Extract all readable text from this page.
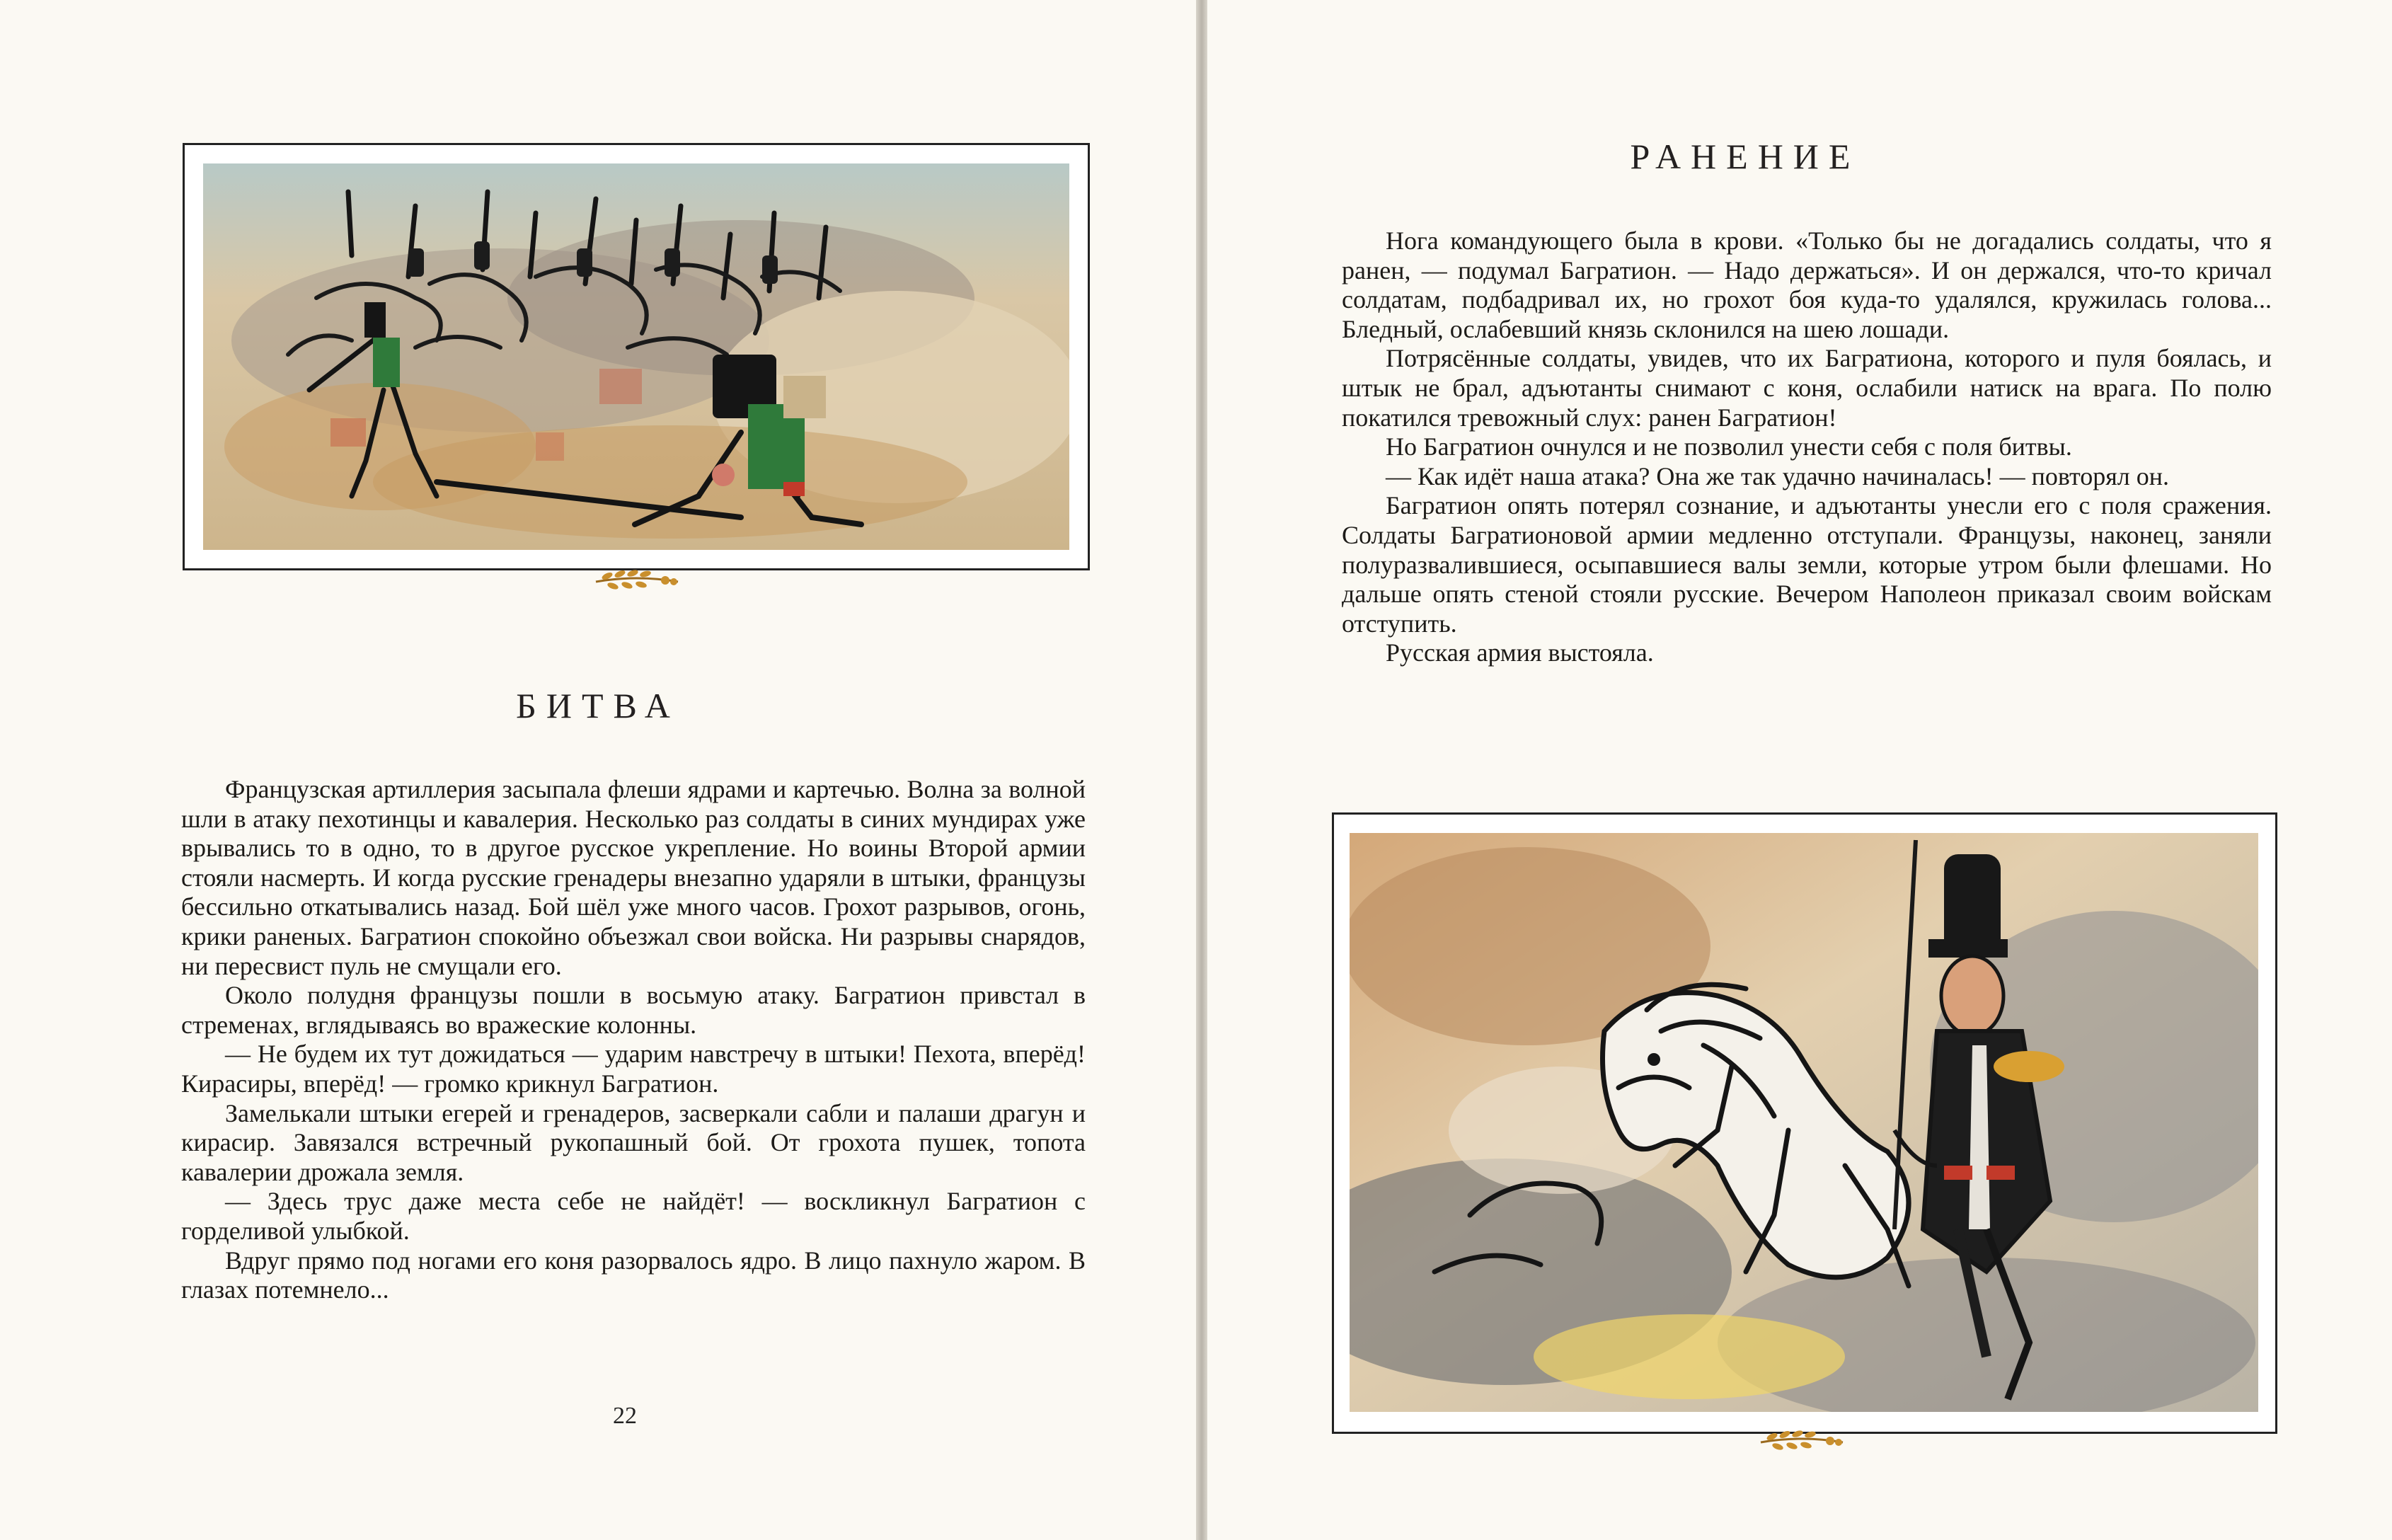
БИТВА

Французская артиллерия засыпала флеши ядрами и картечью. Волна за волной шли в атаку пехотинцы и кавалерия. Несколько раз солдаты в синих мундирах уже врывались то в одно, то в другое русское укрепление. Но воины Второй армии стояли насмерть. И когда русские гренадеры внезапно ударяли в штыки, французы бессильно откатывались назад. Бой шёл уже много часов. Грохот разрывов, огонь, крики раненых. Багратион спокойно объезжал свои войска. Ни разрывы снарядов, ни пересвист пуль не смущали его.

Около полудня французы пошли в восьмую атаку. Багратион привстал в стременах, вглядываясь во вражеские колонны.

— Не будем их тут дожидаться — ударим навстречу в штыки! Пехота, вперёд! Кирасиры, вперёд! — громко крикнул Багратион.

Замелькали штыки егерей и гренадеров, засверкали сабли и палаши драгун и кирасир. Завязался встречный рукопашный бой. От грохота пушек, топота кавалерии дрожала земля.

— Здесь трус даже места себе не найдёт! — воскликнул Багратион с горделивой улыбкой.

Вдруг прямо под ногами его коня разорвалось ядро. В лицо пахнуло жаром. В глазах потемнело...

22
РАНЕНИЕ

Нога командующего была в крови. «Только бы не догадались солдаты, что я ранен, — подумал Багратион. — Надо держаться». И он держался, что-то кричал солдатам, подбадривал их, но грохот боя куда-то удалялся, кружилась голова... Бледный, ослабевший князь склонился на шею лошади.

Потрясённые солдаты, увидев, что их Багратиона, которого и пуля боялась, и штык не брал, адъютанты снимают с коня, ослабили натиск на врага. По полю покатился тревожный слух: ранен Багратион!

Но Багратион очнулся и не позволил унести себя с поля битвы.

— Как идёт наша атака? Она же так удачно начиналась! — повторял он.

Багратион опять потерял сознание, и адъютанты унесли его с поля сражения. Солдаты Багратионовой армии медленно отступали. Французы, наконец, заняли полуразвалившиеся, осыпавшиеся валы земли, которые утром были флешами. Но дальше опять стеной стояли русские. Вечером Наполеон приказал своим войскам отступить.

Русская армия выстояла.
